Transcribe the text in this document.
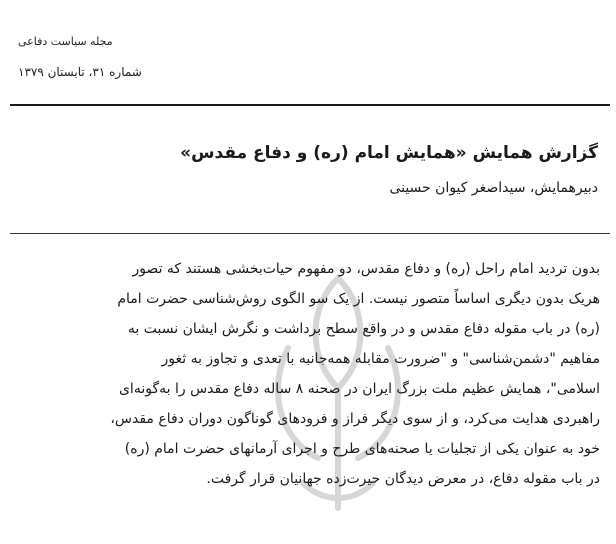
مجله سیاست دفاعی
شماره ۳۱، تابستان ۱۳۷۹
گزارش همایش «همایش امام (ره) و دفاع مقدس»
دبیرهمایش، سیداصغر کیوان حسینی
بدون تردید امام راحل (ره) و دفاع مقدس، دو مفهوم حیات‌بخشی هستند که تصور
هریک بدون دیگری اساساً متصور نیست. از یک سو الگوی روش‌شناسی حضرت امام
(ره) در باب مقوله دفاع مقدس و در واقع سطح برداشت و نگرش ایشان نسبت به
مفاهیم "دشمن‌شناسی" و "ضرورت مقابله همه‌جانبه با تعدی و تجاوز به ثغور
اسلامی"، همایش عظیم ملت بزرگ ایران در صحنه ۸ ساله دفاع مقدس را به‌گونه‌ای
راهبردی هدایت می‌کرد، و از سوی دیگر فراز و فرودهای گوناگون دوران دفاع مقدس،
خود به عنوان یکی از تجلیات یا صحنه‌های طرح و اجرای آرمانهای حضرت امام (ره)
در باب مقوله دفاع، در معرض دیدگان حیرت‌زده جهانیان قرار گرفت.
